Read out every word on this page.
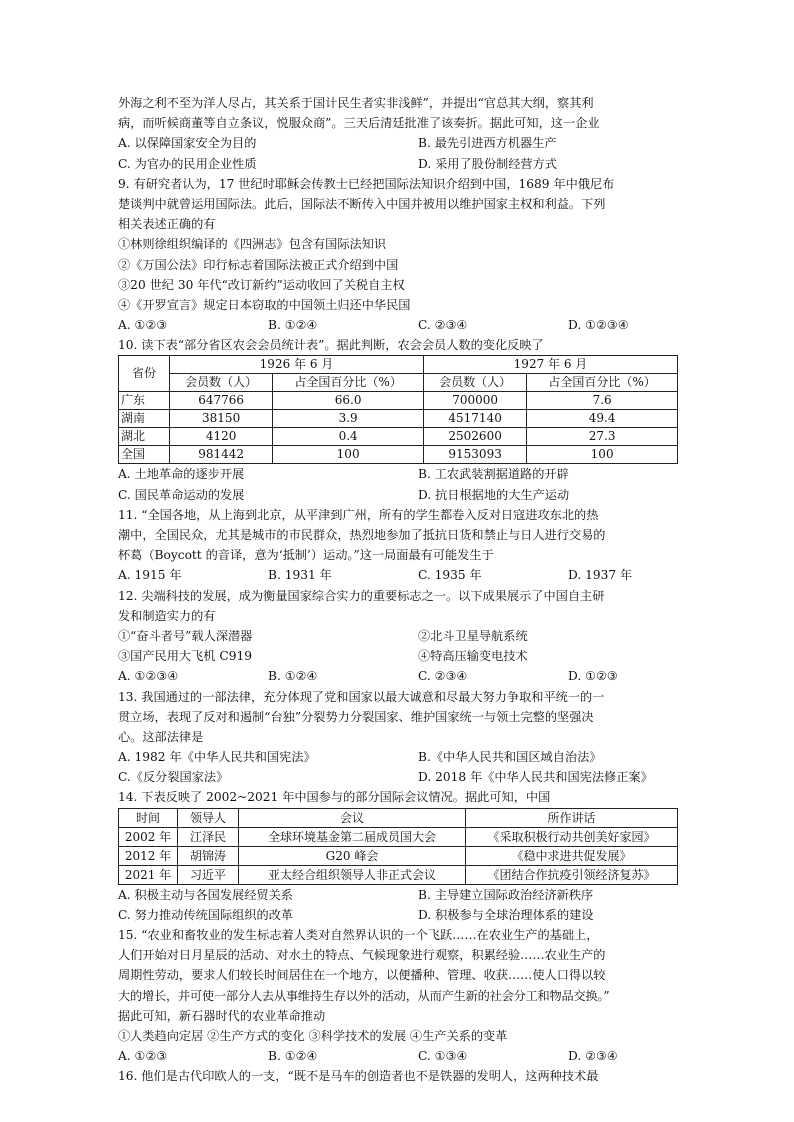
外海之利不至为洋人尽占，其关系于国计民生者实非浅鲜”，并提出“官总其大纲，察其利
病，而听候商董等自立条议，悦服众商”。三天后清廷批准了该奏折。据此可知，这一企业
A. 以保障国家安全为目的	B. 最先引进西方机器生产
C. 为官办的民用企业性质	D. 采用了股份制经营方式
9. 有研究者认为，17 世纪时耶稣会传教士已经把国际法知识介绍到中国，1689 年中俄尼布
楚谈判中就曾运用国际法。此后，国际法不断传入中国并被用以维护国家主权和利益。下列
相关表述正确的有
①林则徐组织编译的《四洲志》包含有国际法知识
②《万国公法》印行标志着国际法被正式介绍到中国
③20 世纪 30 年代“改订新约”运动收回了关税自主权
④《开罗宣言》规定日本窃取的中国领土归还中华民国
A. ①②③	B. ①②④	C. ②③④	D. ①②③④
10. 读下表“部分省区农会会员统计表”。据此判断，农会会员人数的变化反映了
省份	1926 年 6 月		1927 年 6 月	
	会员数（人）	占全国百分比（%）	会员数（人）	占全国百分比（%）
广东	647766	66.0	700000	7.6
湖南	38150	3.9	4517140	49.4
湖北	4120	0.4	2502600	27.3
全国	981442	100	9153093	100
A. 土地革命的逐步开展	B. 工农武装割据道路的开辟
C. 国民革命运动的发展	D. 抗日根据地的大生产运动
11. “全国各地，从上海到北京，从平津到广州，所有的学生都卷入反对日寇进攻东北的热
潮中，全国民众，尤其是城市的市民群众，热烈地参加了抵抗日货和禁止与日人进行交易的
杯葛（Boycott 的音译，意为‘抵制’）运动。”这一局面最有可能发生于
A. 1915 年	B. 1931 年	C. 1935 年	D. 1937 年
12. 尖端科技的发展，成为衡量国家综合实力的重要标志之一。以下成果展示了中国自主研
发和制造实力的有
①“奋斗者号”载人深潜器	②北斗卫星导航系统
③国产民用大飞机 C919	④特高压输变电技术
A. ①②③④	B. ①②④	C. ②③④	D. ①②③
13. 我国通过的一部法律，充分体现了党和国家以最大诚意和尽最大努力争取和平统一的一
贯立场，表现了反对和遏制“台独”分裂势力分裂国家、维护国家统一与领土完整的坚强决
心。这部法律是
A. 1982 年《中华人民共和国宪法》	B.《中华人民共和国区域自治法》
C.《反分裂国家法》	D. 2018 年《中华人民共和国宪法修正案》
14. 下表反映了 2002~2021 年中国参与的部分国际会议情况。据此可知，中国
时间	领导人	会议	所作讲话
2002 年	江泽民	全球环境基金第二届成员国大会	《采取积极行动共创美好家园》
2012 年	胡锦涛	G20 峰会	《稳中求进共促发展》
2021 年	习近平	亚太经合组织领导人非正式会议	《团结合作抗疫引领经济复苏》
A. 积极主动与各国发展经贸关系	B. 主导建立国际政治经济新秩序
C. 努力推动传统国际组织的改革	D. 积极参与全球治理体系的建设
15. “农业和畜牧业的发生标志着人类对自然界认识的一个飞跃……在农业生产的基础上，
人们开始对日月星辰的活动、对水土的特点、气候现象进行观察，积累经验……农业生产的
周期性劳动，要求人们较长时间居住在一个地方，以便播种、管理、收获……使人口得以较
大的增长，并可使一部分人去从事维持生存以外的活动，从而产生新的社会分工和物品交换。”
据此可知，新石器时代的农业革命推动
①人类趋向定居 ②生产方式的变化 ③科学技术的发展 ④生产关系的变革
A. ①②③	B. ①②④	C. ①③④	D. ②③④
16. 他们是古代印欧人的一支，“既不是马车的创造者也不是铁器的发明人，这两种技术最
